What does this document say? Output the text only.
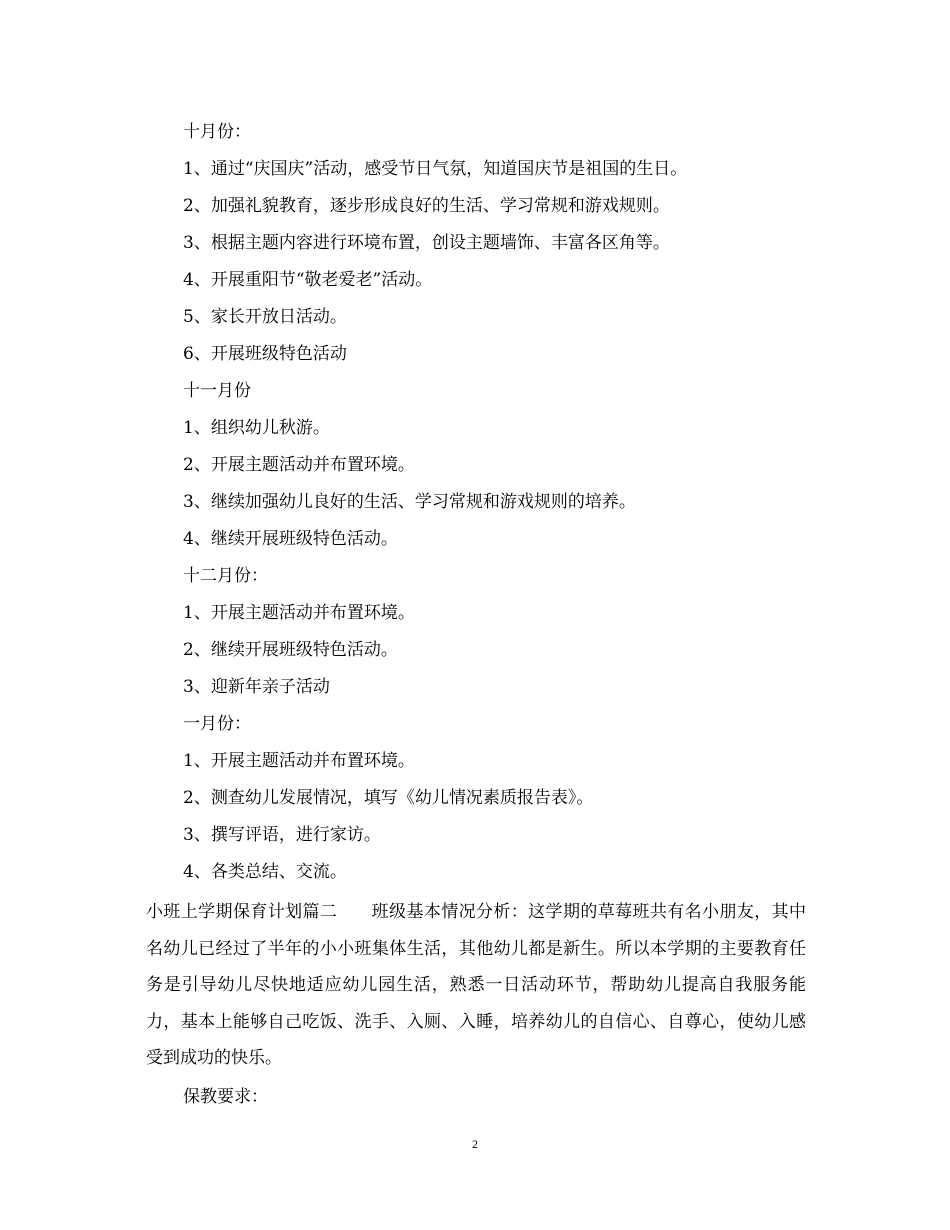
十月份：
1、通过“庆国庆”活动，感受节日气氛，知道国庆节是祖国的生日。
2、加强礼貌教育，逐步形成良好的生活、学习常规和游戏规则。
3、根据主题内容进行环境布置，创设主题墙饰、丰富各区角等。
4、开展重阳节“敬老爱老”活动。
5、家长开放日活动。
6、开展班级特色活动
十一月份
1、组织幼儿秋游。
2、开展主题活动并布置环境。
3、继续加强幼儿良好的生活、学习常规和游戏规则的培养。
4、继续开展班级特色活动。
十二月份：
1、开展主题活动并布置环境。
2、继续开展班级特色活动。
3、迎新年亲子活动
一月份：
1、开展主题活动并布置环境。
2、测查幼儿发展情况，填写《幼儿情况素质报告表》。
3、撰写评语，进行家访。
4、各类总结、交流。
小班上学期保育计划篇二 班级基本情况分析：这学期的草莓班共有名小朋友，其中名幼儿已经过了半年的小小班集体生活，其他幼儿都是新生。所以本学期的主要教育任务是引导幼儿尽快地适应幼儿园生活，熟悉一日活动环节，帮助幼儿提高自我服务能力，基本上能够自己吃饭、洗手、入厕、入睡，培养幼儿的自信心、自尊心，使幼儿感受到成功的快乐。
保教要求：
2
